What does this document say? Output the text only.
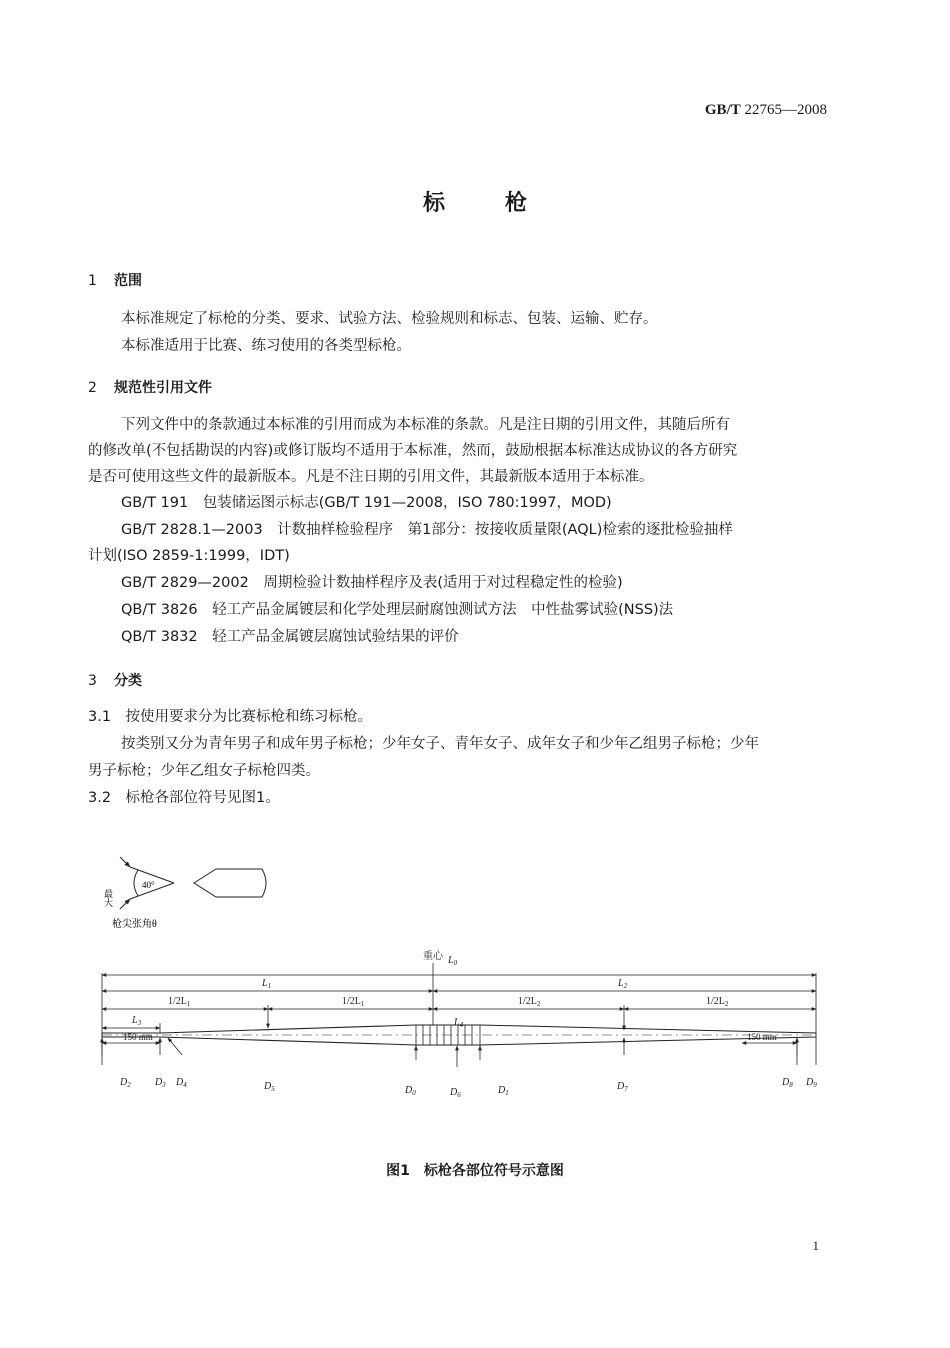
GB/T 22765—2008
标枪
1 范围
本标准规定了标枪的分类、要求、试验方法、检验规则和标志、包装、运输、贮存。
本标准适用于比赛、练习使用的各类型标枪。
2 规范性引用文件
下列文件中的条款通过本标准的引用而成为本标准的条款。凡是注日期的引用文件，其随后所有
的修改单(不包括勘误的内容)或修订版均不适用于本标准，然而，鼓励根据本标准达成协议的各方研究
是否可使用这些文件的最新版本。凡是不注日期的引用文件，其最新版本适用于本标准。
GB/T 191　包装储运图示标志(GB/T 191—2008，ISO 780:1997，MOD)
GB/T 2828.1—2003　计数抽样检验程序　第1部分：按接收质量限(AQL)检索的逐批检验抽样
计划(ISO 2859-1:1999，IDT)
GB/T 2829—2002　周期检验计数抽样程序及表(适用于对过程稳定性的检验)
QB/T 3826　轻工产品金属镀层和化学处理层耐腐蚀测试方法　中性盐雾试验(NSS)法
QB/T 3832　轻工产品金属镀层腐蚀试验结果的评价
3 分类
3.1　按使用要求分为比赛标枪和练习标枪。
按类别又分为青年男子和成年男子标枪；少年女子、青年女子、成年女子和少年乙组男子标枪；少年
男子标枪；少年乙组女子标枪四类。
3.2　标枪各部位符号见图1。
40°
最大
枪尖张角θ
重心 $L_0$
$L_1$	$L_2$
$1/2L_1$	$1/2L_1$	$1/2L_2$	$1/2L_2$
$L_3$	$L_4$
150 mm	150 mm
$D_2$ $D_3$ $D_4$	$D_5$	$D_0$	$D_6$	$D_1$
$D_7$
$D_8$ $D_9$
图1　标枪各部位符号示意图
1
